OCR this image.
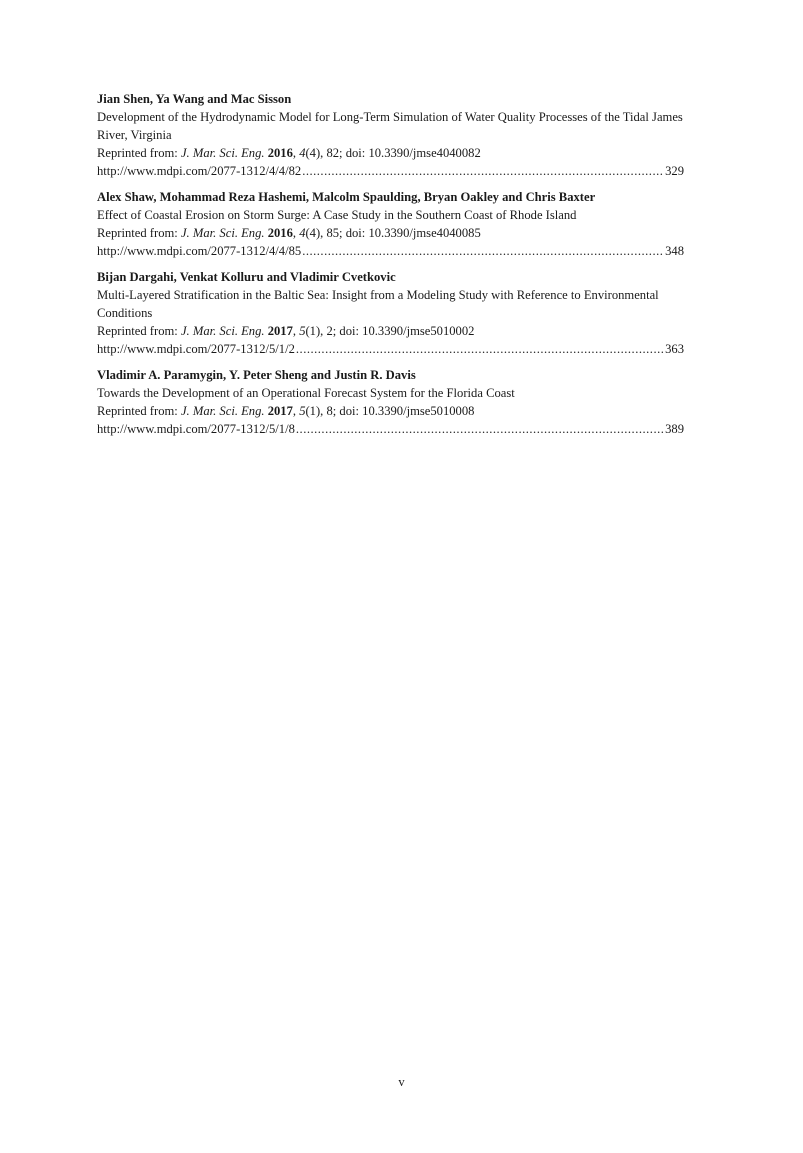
Jian Shen, Ya Wang and Mac Sisson
Development of the Hydrodynamic Model for Long-Term Simulation of Water Quality Processes of the Tidal James River, Virginia
Reprinted from: J. Mar. Sci. Eng. 2016, 4(4), 82; doi: 10.3390/jmse4040082
http://www.mdpi.com/2077-1312/4/4/82 .....	329
Alex Shaw, Mohammad Reza Hashemi, Malcolm Spaulding, Bryan Oakley and Chris Baxter
Effect of Coastal Erosion on Storm Surge: A Case Study in the Southern Coast of Rhode Island
Reprinted from: J. Mar. Sci. Eng. 2016, 4(4), 85; doi: 10.3390/jmse4040085
http://www.mdpi.com/2077-1312/4/4/85 .....	348
Bijan Dargahi, Venkat Kolluru and Vladimir Cvetkovic
Multi-Layered Stratification in the Baltic Sea: Insight from a Modeling Study with Reference to Environmental Conditions
Reprinted from: J. Mar. Sci. Eng. 2017, 5(1), 2; doi: 10.3390/jmse5010002
http://www.mdpi.com/2077-1312/5/1/2 .....	363
Vladimir A. Paramygin, Y. Peter Sheng and Justin R. Davis
Towards the Development of an Operational Forecast System for the Florida Coast
Reprinted from: J. Mar. Sci. Eng. 2017, 5(1), 8; doi: 10.3390/jmse5010008
http://www.mdpi.com/2077-1312/5/1/8 .....	389
v
